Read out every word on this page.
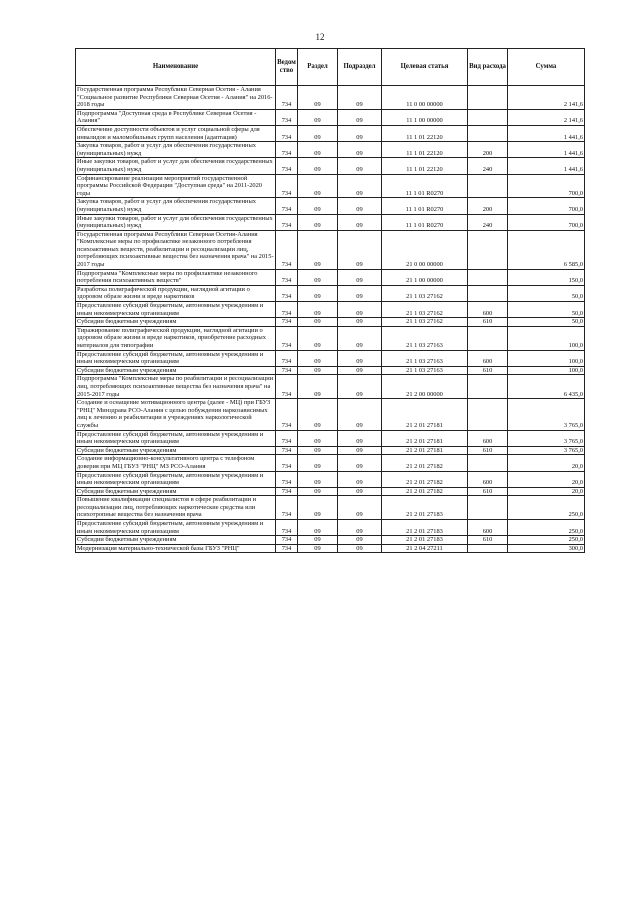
12
Наименование	Ведом ство	Раздел	Подраздел	Целевая статья	Вид расхода	Сумма
Государственная программа Республики Северная Осетия - Алания "Социальное развитие Республики Северная Осетия - Алания" на 2016-2018 годы	734	09	09	11 0 00 00000		2 141,6
Подпрограмма "Доступная среда в Республике Северная Осетия - Алания"	734	09	09	11 1 00 00000		2 141,6
Обеспечение доступности объектов и услуг социальной сферы для инвалидов и маломобильных групп населения (адаптация)	734	09	09	11 1 01 22120		1 441,6
Закупка товаров, работ и услуг для обеспечения государственных (муниципальных) нужд	734	09	09	11 1 01 22120	200	1 441,6
Иные закупки товаров, работ и услуг для обеспечения государственных (муниципальных) нужд	734	09	09	11 1 01 22120	240	1 441,6
Софинансирование реализации мероприятий государственной программы Российской Федерации "Доступная среда" на 2011-2020 годы	734	09	09	11 1 01 R0270		700,0
Закупка товаров, работ и услуг для обеспечения государственных (муниципальных) нужд	734	09	09	11 1 01 R0270	200	700,0
Иные закупки товаров, работ и услуг для обеспечения государственных (муниципальных) нужд	734	09	09	11 1 01 R0270	240	700,0
Государственная программа Республики Северная Осетия-Алания "Комплексные меры по профилактике незаконного потребления психоактивных веществ, реабилитации и ресоциализации лиц, потребляющих психоактивные вещества без назначения врача" на 2015-2017 годы	734	09	09	21 0 00 00000		6 585,0
Подпрограмма "Комплексные меры по профилактике незаконного потребления психоактивных веществ"	734	09	09	21 1 00 00000		150,0
Разработка полиграфической продукции, наглядной агитации о здоровом образе жизни и вреде наркотиков	734	09	09	21 1 03 27162		50,0
Предоставление субсидий бюджетным, автономным учреждениям и иным некоммерческим организациям	734	09	09	21 1 03 27162	600	50,0
Субсидии бюджетным учреждениям	734	09	09	21 1 03 27162	610	50,0
Тиражирование полиграфической продукции, наглядной агитации о здоровом образе жизни и вреде наркотиков, приобретение расходных материалов для типографии	734	09	09	21 1 03 27163		100,0
Предоставление субсидий бюджетным, автономным учреждениям и иным некоммерческим организациям	734	09	09	21 1 03 27163	600	100,0
Субсидии бюджетным учреждениям	734	09	09	21 1 03 27163	610	100,0
Подпрограмма "Комплексные меры по реабилитации и ресоциализации лиц, потребляющих психоактивные вещества без назначения врача" на 2015-2017 годы	734	09	09	21 2 00 00000		6 435,0
Создание и оснащение мотивационного центра (далее - МЦ) при ГБУЗ "РНЦ" Минздрава РСО-Алания с целью побуждения наркозависимых лиц к лечению и реабилитации в учреждениях наркологической службы	734	09	09	21 2 01 27181		3 765,0
Предоставление субсидий бюджетным, автономным учреждениям и иным некоммерческим организациям	734	09	09	21 2 01 27181	600	3 765,0
Субсидии бюджетным учреждениям	734	09	09	21 2 01 27181	610	3 765,0
Создание информационно-консультативного центра с телефоном доверия при МЦ ГБУЗ "РНЦ" МЗ РСО-Алания	734	09	09	21 2 01 27182		20,0
Предоставление субсидий бюджетным, автономным учреждениям и иным некоммерческим организациям	734	09	09	21 2 01 27182	600	20,0
Субсидии бюджетным учреждениям	734	09	09	21 2 01 27182	610	20,0
Повышение квалификации специалистов в сфере реабилитации и ресоциализации лиц, потребляющих наркотические средства или психотропные вещества без назначения врача	734	09	09	21 2 01 27183		250,0
Предоставление субсидий бюджетным, автономным учреждениям и иным некоммерческим организациям	734	09	09	21 2 01 27183	600	250,0
Субсидии бюджетным учреждениям	734	09	09	21 2 01 27183	610	250,0
Модернизация материально-технической базы ГБУЗ "РНЦ"	734	09	09	21 2 04 27211		300,0
